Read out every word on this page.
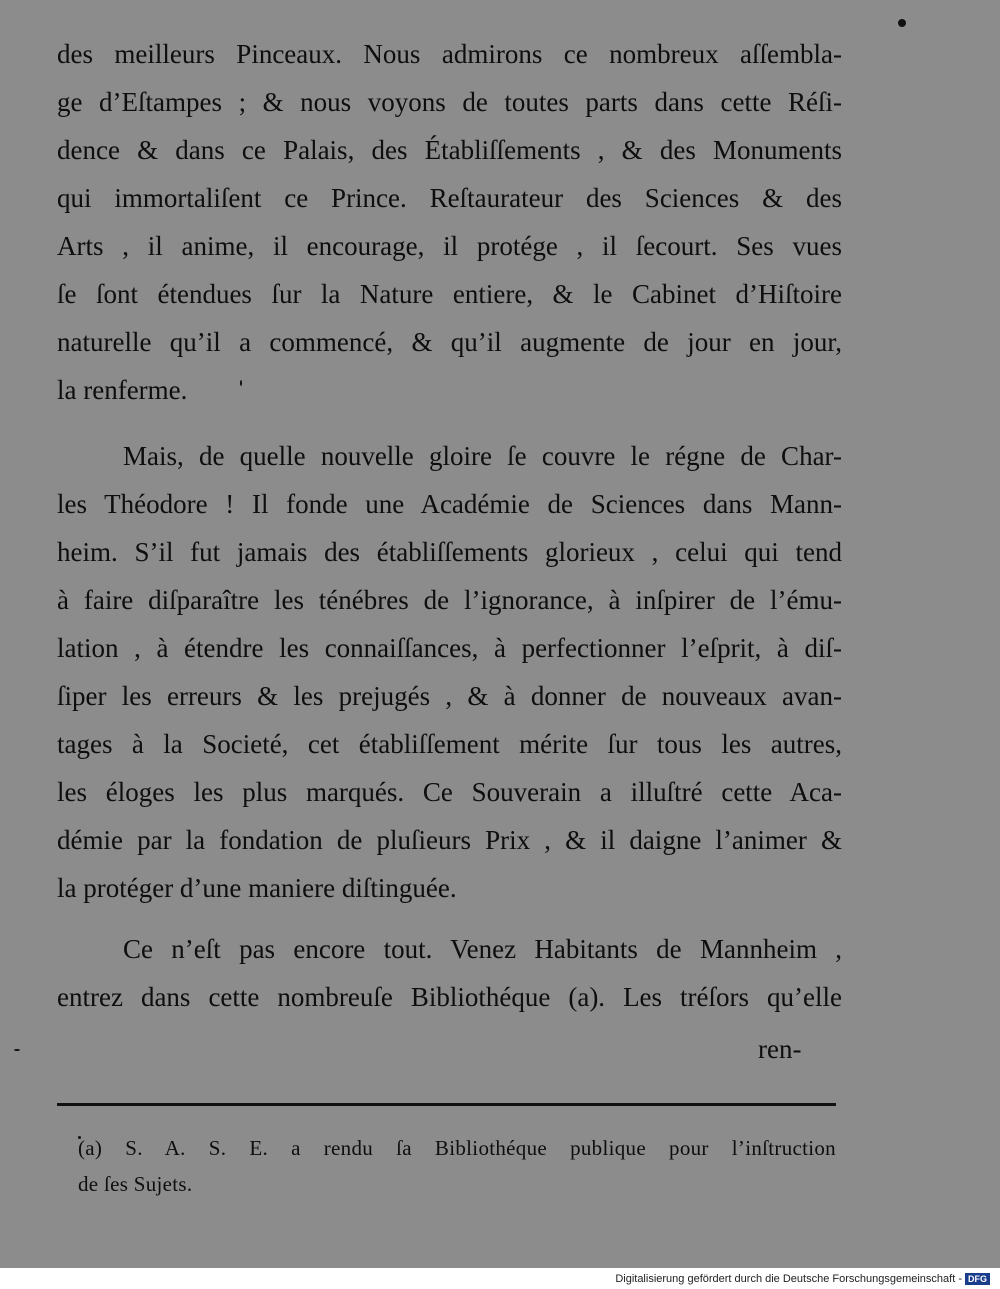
des meilleurs Pinceaux. Nous admirons ce nombreux aſſembla-
ge d’Eſtampes ; & nous voyons de toutes parts dans cette Réſi-
dence & dans ce Palais, des Établiſſements , & des Monuments
qui immortaliſent ce Prince. Reſtaurateur des Sciences & des
Arts , il anime, il encourage, il protége , il ſecourt. Ses vues
ſe ſont étendues ſur la Nature entiere, & le Cabinet d’Hiſtoire
naturelle qu’il a commencé, & qu’il augmente de jour en jour,
la renferme.
Mais, de quelle nouvelle gloire ſe couvre le régne de Char-
les Théodore ! Il fonde une Académie de Sciences dans Mann-
heim. S’il fut jamais des établiſſements glorieux , celui qui tend
à faire diſparaître les ténébres de l’ignorance, à inſpirer de l’ému-
lation , à étendre les connaiſſances, à perfectionner l’eſprit, à diſ-
ſiper les erreurs & les prejugés , & à donner de nouveaux avan-
tages à la Societé, cet établiſſement mérite ſur tous les autres,
les éloges les plus marqués. Ce Souverain a illuſtré cette Aca-
démie par la fondation de pluſieurs Prix , & il daigne l’animer &
la protéger d’une maniere diſtinguée.
Ce n’eſt pas encore tout. Venez Habitants de Mannheim ,
entrez dans cette nombreuſe Bibliothéque (a). Les tréſors qu’elle
ren-
(a) S. A. S. E. a rendu ſa Bibliothéque publique pour l’inſtruction
de ſes Sujets.
Digitalisierung gefördert durch die Deutsche Forschungsgemeinschaft - DFG
